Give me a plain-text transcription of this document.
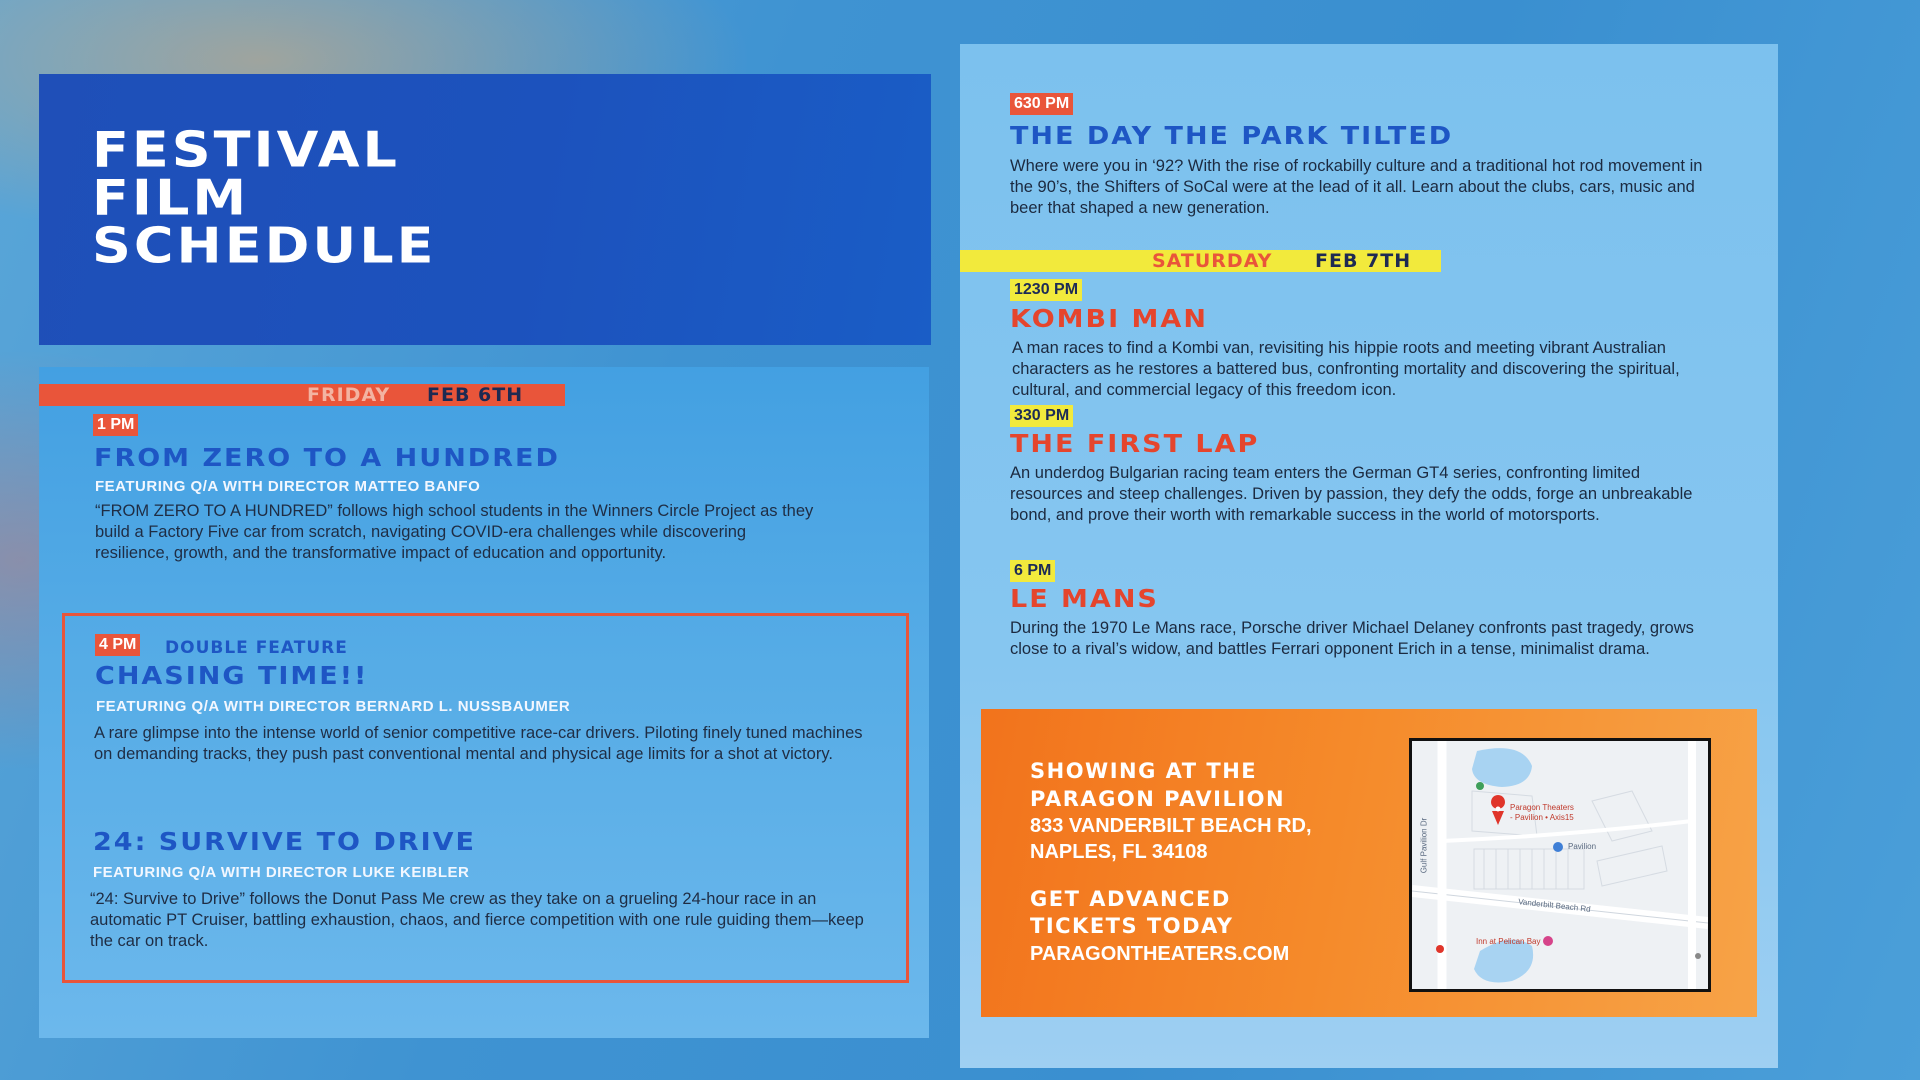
FESTIVAL
FILM
SCHEDULE
FRIDAY FEB 6TH
1 PM
FROM ZERO TO A HUNDRED
FEATURING Q/A WITH DIRECTOR MATTEO BANFO
“FROM ZERO TO A HUNDRED” follows high school students in the Winners Circle Project as they build a Factory Five car from scratch, navigating COVID-era challenges while discovering resilience, growth, and the transformative impact of education and opportunity.
4 PM DOUBLE FEATURE
CHASING TIME!!
FEATURING Q/A WITH DIRECTOR BERNARD L. NUSSBAUMER
A rare glimpse into the intense world of senior competitive race-car drivers. Piloting finely tuned machines on demanding tracks, they push past conventional mental and physical age limits for a shot at victory.
24: SURVIVE TO DRIVE
FEATURING Q/A WITH DIRECTOR LUKE KEIBLER
“24: Survive to Drive” follows the Donut Pass Me crew as they take on a grueling 24-hour race in an automatic PT Cruiser, battling exhaustion, chaos, and fierce competition with one rule guiding them—keep the car on track.
630 PM
THE DAY THE PARK TILTED
Where were you in ‘92? With the rise of rockabilly culture and a traditional hot rod movement in the 90’s, the Shifters of SoCal were at the lead of it all. Learn about the clubs, cars, music and beer that shaped a new generation.
SATURDAY FEB 7TH
1230 PM
KOMBI MAN
A man races to find a Kombi van, revisiting his hippie roots and meeting vibrant Australian characters as he restores a battered bus, confronting mortality and discovering the spiritual, cultural, and commercial legacy of this freedom icon.
330 PM
THE FIRST LAP
An underdog Bulgarian racing team enters the German GT4 series, confronting limited resources and steep challenges. Driven by passion, they defy the odds, forge an unbreakable bond, and prove their worth with remarkable success in the world of motorsports.
6 PM
LE MANS
During the 1970 Le Mans race, Porsche driver Michael Delaney confronts past tragedy, grows close to a rival’s widow, and battles Ferrari opponent Erich in a tense, minimalist drama.
SHOWING AT THE
PARAGON PAVILION
833 VANDERBILT BEACH RD,
NAPLES, FL 34108
GET ADVANCED
TICKETS TODAY
PARAGONTHEATERS.COM
Paragon Theaters
- Pavilion • Axis15
Pavilion
Vanderbilt Beach Rd
Gulf Pavilion Dr
Inn at Pelican Bay
